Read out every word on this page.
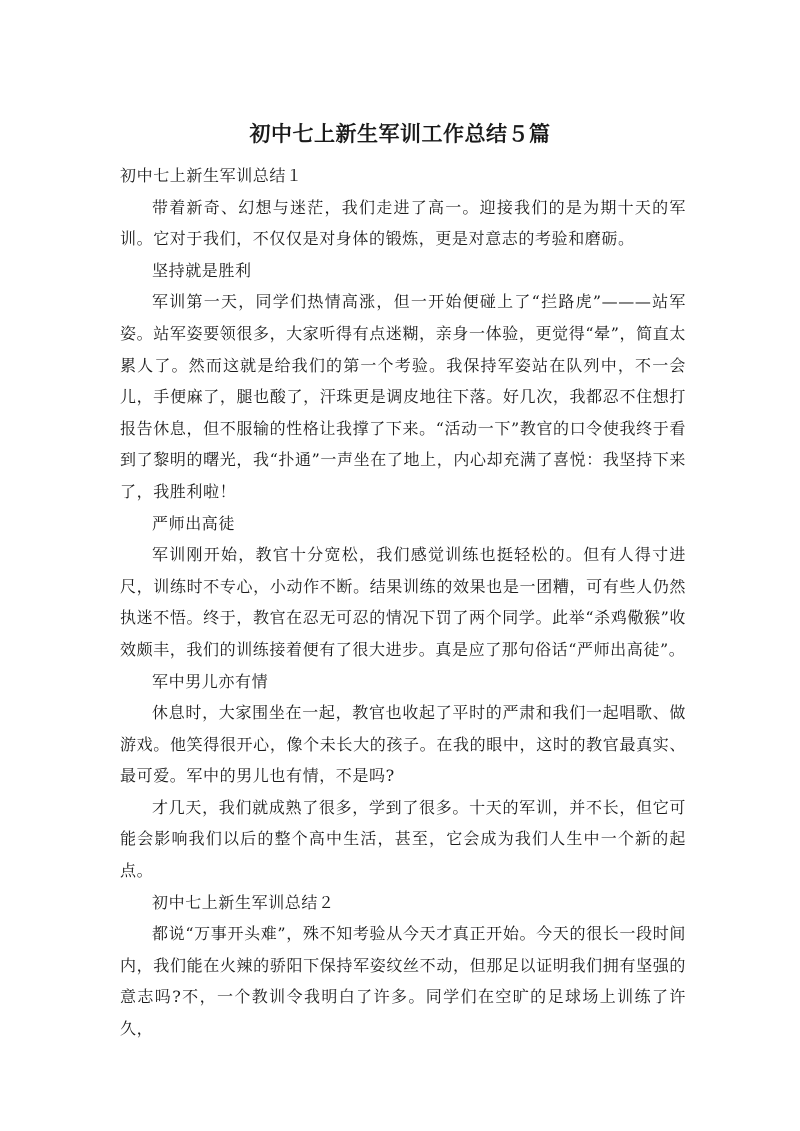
初中七上新生军训工作总结５篇

初中七上新生军训总结１

带着新奇、幻想与迷茫，我们走进了高一。迎接我们的是为期十天的军训。它对于我们，不仅仅是对身体的锻炼，更是对意志的考验和磨砺。

坚持就是胜利

军训第一天，同学们热情高涨，但一开始便碰上了“拦路虎”———站军姿。站军姿要领很多，大家听得有点迷糊，亲身一体验，更觉得“晕”，简直太累人了。然而这就是给我们的第一个考验。我保持军姿站在队列中，不一会儿，手便麻了，腿也酸了，汗珠更是调皮地往下落。好几次，我都忍不住想打报告休息，但不服输的性格让我撑了下来。“活动一下”教官的口令使我终于看到了黎明的曙光，我“扑通”一声坐在了地上，内心却充满了喜悦：我坚持下来了，我胜利啦！

严师出高徒

军训刚开始，教官十分宽松，我们感觉训练也挺轻松的。但有人得寸进尺，训练时不专心，小动作不断。结果训练的效果也是一团糟，可有些人仍然执迷不悟。终于，教官在忍无可忍的情况下罚了两个同学。此举“杀鸡儆猴”收效颇丰，我们的训练接着便有了很大进步。真是应了那句俗话“严师出高徒”。

军中男儿亦有情

休息时，大家围坐在一起，教官也收起了平时的严肃和我们一起唱歌、做游戏。他笑得很开心，像个未长大的孩子。在我的眼中，这时的教官最真实、最可爱。军中的男儿也有情，不是吗?

才几天，我们就成熟了很多，学到了很多。十天的军训，并不长，但它可能会影响我们以后的整个高中生活，甚至，它会成为我们人生中一个新的起点。

初中七上新生军训总结２

都说“万事开头难”，殊不知考验从今天才真正开始。今天的很长一段时间内，我们能在火辣的骄阳下保持军姿纹丝不动，但那足以证明我们拥有坚强的意志吗?不，一个教训令我明白了许多。同学们在空旷的足球场上训练了许久，
